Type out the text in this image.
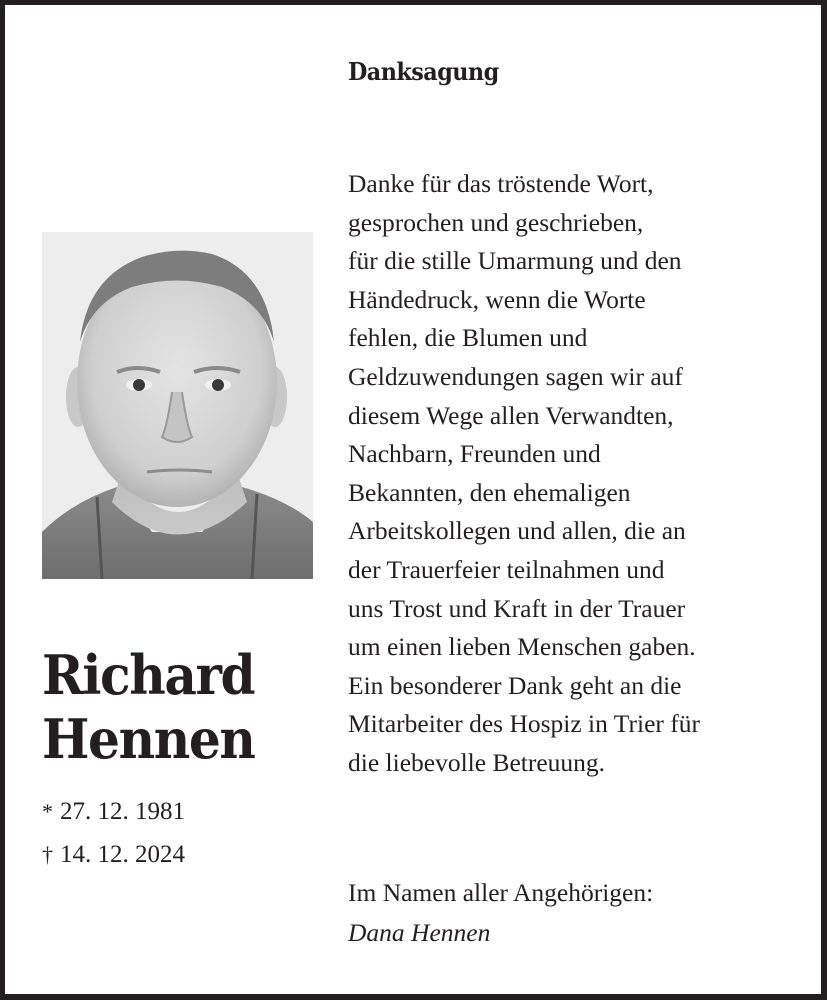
Danksagung
Richard
Hennen
* 27. 12. 1981
† 14. 12. 2024
Danke für das tröstende Wort,
gesprochen und geschrieben,
für die stille Umarmung und den
Händedruck, wenn die Worte
fehlen, die Blumen und
Geldzuwendungen sagen wir auf
diesem Wege allen Verwandten,
Nachbarn, Freunden und
Bekannten, den ehemaligen
Arbeitskollegen und allen, die an
der Trauerfeier teilnahmen und
uns Trost und Kraft in der Trauer
um einen lieben Menschen gaben.
Ein besonderer Dank geht an die
Mitarbeiter des Hospiz in Trier für
die liebevolle Betreuung.
Im Namen aller Angehörigen:
Dana Hennen
